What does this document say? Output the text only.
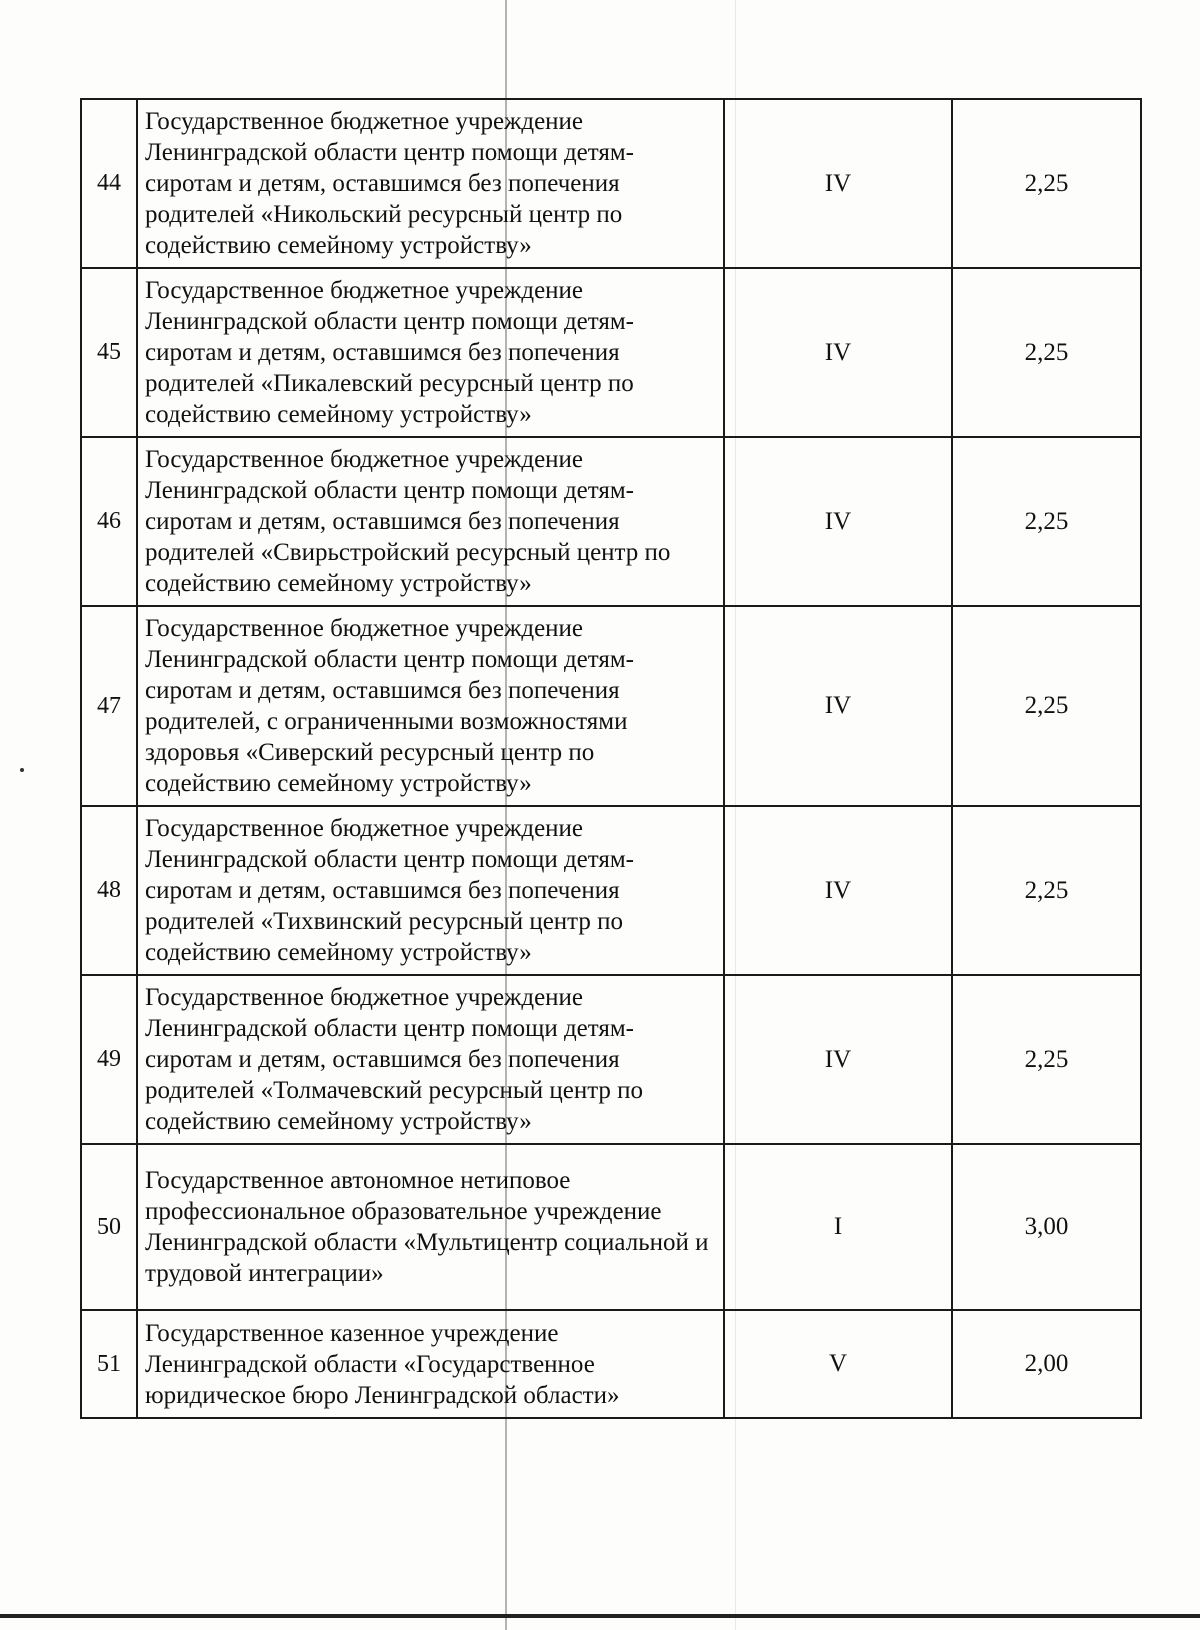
44	Государственное бюджетное учреждение Ленинградской области центр помощи детям-сиротам и детям, оставшимся без попечения родителей «Никольский ресурсный центр по содействию семейному устройству»	IV	2,25
45	Государственное бюджетное учреждение Ленинградской области центр помощи детям-сиротам и детям, оставшимся без попечения родителей «Пикалевский ресурсный центр по содействию семейному устройству»	IV	2,25
46	Государственное бюджетное учреждение Ленинградской области центр помощи детям-сиротам и детям, оставшимся без попечения родителей «Свирьстройский ресурсный центр по содействию семейному устройству»	IV	2,25
47	Государственное бюджетное учреждение Ленинградской области центр помощи детям-сиротам и детям, оставшимся без попечения родителей, с ограниченными возможностями здоровья «Сиверский ресурсный центр по содействию семейному устройству»	IV	2,25
48	Государственное бюджетное учреждение Ленинградской области центр помощи детям-сиротам и детям, оставшимся без попечения родителей «Тихвинский ресурсный центр по содействию семейному устройству»	IV	2,25
49	Государственное бюджетное учреждение Ленинградской области центр помощи детям-сиротам и детям, оставшимся без попечения родителей «Толмачевский ресурсный центр по содействию семейному устройству»	IV	2,25
50	Государственное автономное нетиповое профессиональное образовательное учреждение Ленинградской области «Мультицентр социальной и трудовой интеграции»	I	3,00
51	Государственное казенное учреждение Ленинградской области «Государственное юридическое бюро Ленинградской области»	V	2,00
